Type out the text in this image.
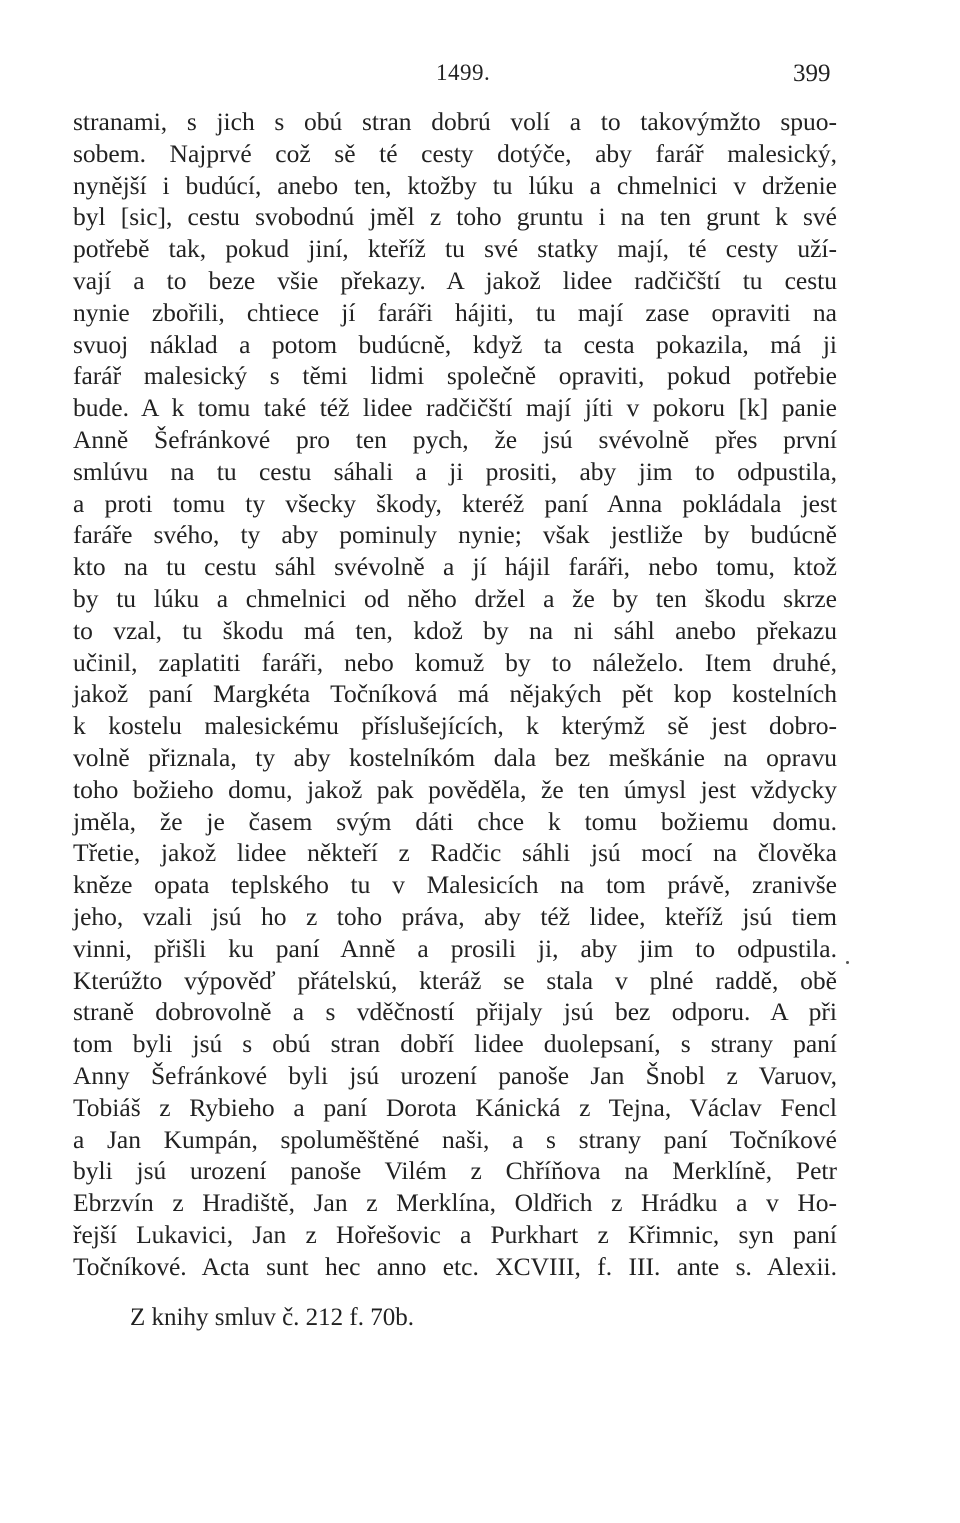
1499.	399
stranami, s jich s obú stran dobrú volí a to takovýmžto spuo-
sobem. Najprvé což sě té cesty dotýče, aby farář malesický,
nynější i budúcí, anebo ten, ktožby tu lúku a chmelnici v drženie
byl [sic], cestu svobodnú jměl z toho gruntu i na ten grunt k své
potřebě tak, pokud jiní, kteříž tu své statky mají, té cesty uží-
vají a to beze všie překazy. A jakož lidee radčičští tu cestu
nynie zbořili, chtiece jí faráři hájiti, tu mají zase opraviti na
svuoj náklad a potom budúcně, když ta cesta pokazila, má ji
farář malesický s těmi lidmi společně opraviti, pokud potřebie
bude. A k tomu také též lidee radčičští mají jíti v pokoru [k] panie
Anně Šefránkové pro ten pych, že jsú svévolně přes první
smlúvu na tu cestu sáhali a ji prositi, aby jim to odpustila,
a proti tomu ty všecky škody, kteréž paní Anna pokládala jest
faráře svého, ty aby pominuly nynie; však jestliže by budúcně
kto na tu cestu sáhl svévolně a jí hájil faráři, nebo tomu, ktož
by tu lúku a chmelnici od něho držel a že by ten škodu skrze
to vzal, tu škodu má ten, kdož by na ni sáhl anebo překazu
učinil, zaplatiti faráři, nebo komuž by to náleželo. Item druhé,
jakož paní Margkéta Točníková má nějakých pět kop kostelních
k kostelu malesickému příslušejících, k kterýmž sě jest dobro-
volně přiznala, ty aby kostelníkóm dala bez meškánie na opravu
toho božieho domu, jakož pak pověděla, že ten úmysl jest vždycky
jměla, že je časem svým dáti chce k tomu božiemu domu.
Třetie, jakož lidee někteří z Radčic sáhli jsú mocí na člověka
kněze opata teplského tu v Malesicích na tom právě, zranivše
jeho, vzali jsú ho z toho práva, aby též lidee, kteříž jsú tiem
vinni, přišli ku paní Anně a prosili ji, aby jim to odpustila.
Kterúžto výpověď přátelskú, kteráž se stala v plné raddě, obě
straně dobrovolně a s vděčností přijaly jsú bez odporu. A při
tom byli jsú s obú stran dobří lidee duolepsaní, s strany paní
Anny Šefránkové byli jsú urození panoše Jan Šnobl z Varuov,
Tobiáš z Rybieho a paní Dorota Kánická z Tejna, Václav Fencl
a Jan Kumpán, spoluměštěné naši, a s strany paní Točníkové
byli jsú urození panoše Vilém z Chříňova na Merklíně, Petr
Ebrzvín z Hradiště, Jan z Merklína, Oldřich z Hrádku a v Ho-
řejší Lukavici, Jan z Hořešovic a Purkhart z Křimnic, syn paní
Točníkové. Acta sunt hec anno etc. XCVIII, f. III. ante s. Alexii.
Z knihy smluv č. 212 f. 70b.
